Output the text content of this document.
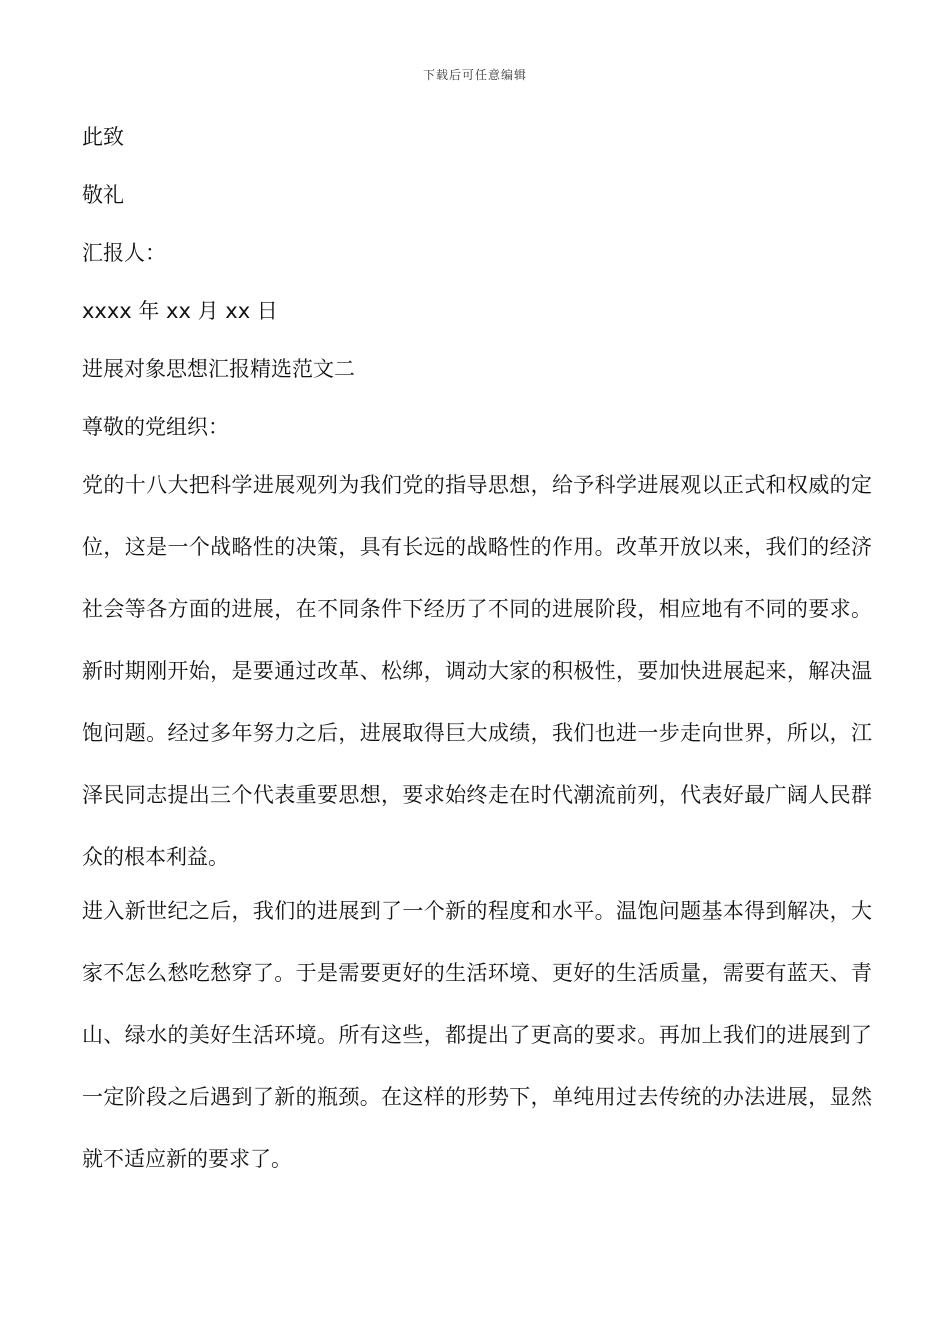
下载后可任意编辑
此致
敬礼
汇报人：
xxxx 年 xx 月 xx 日
进展对象思想汇报精选范文二
尊敬的党组织：
党的十八大把科学进展观列为我们党的指导思想，给予科学进展观以正式和权威的定位，这是一个战略性的决策，具有长远的战略性的作用。改革开放以来，我们的经济社会等各方面的进展，在不同条件下经历了不同的进展阶段，相应地有不同的要求。新时期刚开始，是要通过改革、松绑，调动大家的积极性，要加快进展起来，解决温饱问题。经过多年努力之后，进展取得巨大成绩，我们也进一步走向世界，所以，江泽民同志提出三个代表重要思想，要求始终走在时代潮流前列，代表好最广阔人民群众的根本利益。
进入新世纪之后，我们的进展到了一个新的程度和水平。温饱问题基本得到解决，大家不怎么愁吃愁穿了。于是需要更好的生活环境、更好的生活质量，需要有蓝天、青山、绿水的美好生活环境。所有这些，都提出了更高的要求。再加上我们的进展到了一定阶段之后遇到了新的瓶颈。在这样的形势下，单纯用过去传统的办法进展，显然就不适应新的要求了。
